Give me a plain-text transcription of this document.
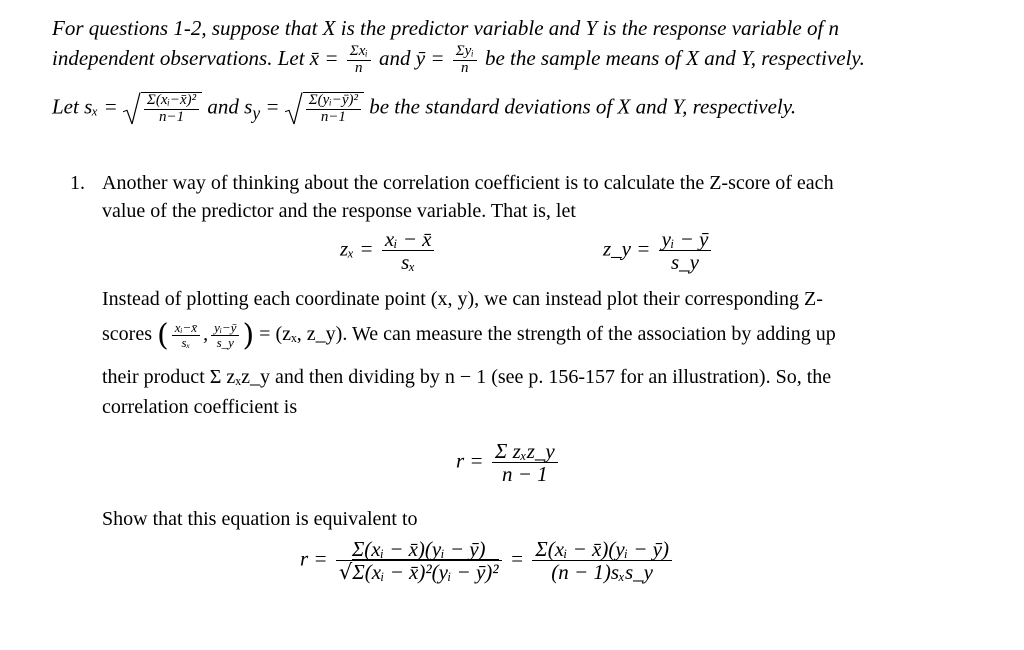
For questions 1-2, suppose that X is the predictor variable and Y is the response variable of n
independent observations. Let x̄ = $\frac{\text{Σxᵢ}}{n}$ and ȳ = $\frac{\text{Σyᵢ}}{n}$ be the sample means of X and Y, respectively.
Let $s_x = \frac{\text{Σ(xᵢ−x̄)²}}{n-1}$ and $s_y = \frac{\text{Σ(yᵢ−ȳ)²}}{n-1}$ be the standard deviations of X and Y, respectively.
1. Another way of thinking about the correlation coefficient is to calculate the Z-score of each
value of the predictor and the response variable. That is, let
$z_x = \frac{\text{xᵢ − x̄}}{\text{sₓ}}$	z_y = $\frac{\text{yᵢ − ȳ}}{s\_y}$
Instead of plotting each coordinate point (x, y), we can instead plot their corresponding Z-
scores ( $\frac{\text{xᵢ−x̄}}{\text{sₓ}}$ , $\frac{\text{yᵢ−ȳ}}{s\_y}$ ) = (zₓ, z_y). We can measure the strength of the association by adding up
their product Σ zₓz_y and then dividing by n − 1 (see p. 156-157 for an illustration). So, the
correlation coefficient is
$r = \frac{\text{Σ zₓz\_y}}{n - 1}$
Show that this equation is equivalent to
$r = \frac{\text{Σ(xᵢ − x̄)(yᵢ − ȳ)}}{\text{√Σ(xᵢ − x̄)²(yᵢ − ȳ)²}} = \frac{\text{Σ(xᵢ − x̄)(yᵢ − ȳ)}}{\text{(n − 1)sₓs\_y}}$
